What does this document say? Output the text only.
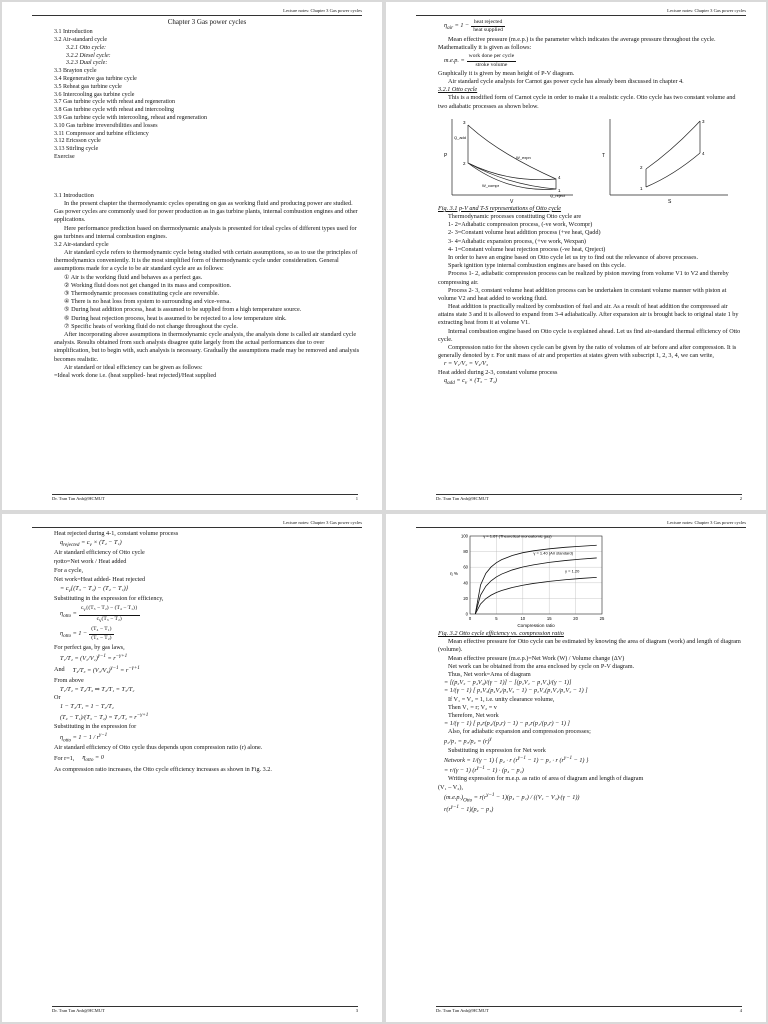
Lecture notes: Chapter 3 Gas power cycles
Chapter 3 Gas power cycles
3.1 Introduction
3.2 Air-standard cycle
3.2.1 Otto cycle:
3.2.2 Diesel cycle:
3.2.3 Dual cycle:
3.3 Brayton cycle
3.4 Regenerative gas turbine cycle
3.5 Reheat gas turbine cycle
3.6 Intercooling gas turbine cycle
3.7 Gas turbine cycle with reheat and regeneration
3.8 Gas turbine cycle with reheat and intercooling
3.9 Gas turbine cycle with intercooling, reheat and regeneration
3.10 Gas turbine irreversibilities and losses
3.11 Compressor and turbine efficiency
3.12 Ericsson cycle
3.13 Stirling cycle
Exercise
3.1 Introduction

In the present chapter the thermodynamic cycles operating on gas as working fluid and producing power are studied. Gas power cycles are commonly used for power production as in gas turbine plants, internal combustion engines and other applications.

Here performance prediction based on thermodynamic analysis is presented for ideal cycles of different types used for gas turbines and internal combustion engines.

3.2 Air-standard cycle

Air standard cycle refers to thermodynamic cycle being studied with certain assumptions, so as to use the principles of thermodynamics conveniently. It is the most simplified form of thermodynamic cycle under consideration. General assumptions made for a cycle to be air standard cycle are as follows:

① Air is the working fluid and behaves as a perfect gas.
② Working fluid does not get changed in its mass and composition.
③ Thermodynamic processes constituting cycle are reversible.
④ There is no heat loss from system to surrounding and vice-versa.
⑤ During heat addition process, heat is assumed to be supplied from a high temperature source.
⑥ During heat rejection process, heat is assumed to be rejected to a low temperature sink.
⑦ Specific heats of working fluid do not change throughout the cycle.

After incorporating above assumptions in thermodynamic cycle analysis, the analysis done is called air standard cycle analysis. Results obtained from such analysis disagree quite largely from the actual performances due to over simplification, but to begin with, such analysis is necessary. Gradually the assumptions made may be removed and analysis becomes realistic.

Air standard or ideal efficiency can be given as follows:

=Ideal work done i.e. (heat supplied- heat rejected)/Heat supplied

Dr. Tran Tan Anh@HCMUT	1
Lecture notes: Chapter 3 Gas power cycles
$\eta_{air} = 1 - \frac{\text{heat rejected}}{\text{heat supplied}}$

Mean effective pressure (m.e.p.) is the parameter which indicates the average pressure throughout the cycle. Mathematically it is given as follows:

m.e.p. = $\frac{\text{work done per cycle}}{\text{stroke volume}}$

Graphically it is given by mean height of P-V diagram.

Air standard cycle analysis for Carnot gas power cycle has already been discussed in chapter 4.

3.2.1 Otto cycle

This is a modified form of Carnot cycle in order to make it a realistic cycle. Otto cycle has two constant volume and two adiabatic processes as shown below.

P
V
3
2
4
1
Q_add
W_expn
W_compr
Q_reject
T
S
3
2
4
1
Fig. 3.1 p-V and T-S representations of Otto cycle

Thermodynamic processes constituting Otto cycle are

1- 2=Adiabatic compression process, (-ve work, Wcompr)
2- 3=Constant volume heat addition process (+ve heat, Qadd)
3- 4=Adiabatic expansion process, (+ve work, Wexpan)
4- 1=Constant volume heat rejection process (-ve heat, Qreject)

In order to have an engine based on Otto cycle let us try to find out the relevance of above processes.

Spark ignition type internal combustion engines are based on this cycle.

Process 1- 2, adiabatic compression process can be realized by piston moving from volume V1 to V2 and thereby compressing air.

Process 2- 3, constant volume heat addition process can be undertaken in constant volume manner with piston at volume V2 and heat added to working fluid.

Heat addition is practically realized by combustion of fuel and air. As a result of heat addition the compressed air attains state 3 and it is allowed to expand from 3-4 adiabatically. After expansion air is brought back to original state 1 by extracting heat from it at volume V1.

Internal combustion engine based on Otto cycle is explained ahead. Let us find air-standard thermal efficiency of Otto cycle.

Compression ratio for the shown cycle can be given by the ratio of volumes of air before and after compression. It is generally denoted by r. For unit mass of air and properties at states given with subscript 1, 2, 3, 4, we can write,

r = V₁/V₂ = V₄/V₃
Heat added during 2-3, constant volume process
$q_{add} = c_v \times (T_3 - T_2)$
Dr. Tran Tan Anh@HCMUT	2
Lecture notes: Chapter 3 Gas power cycles
Heat rejected during 4-1, constant volume process
$q_{rejected} = c_v \times (T_4 - T_1)$
Air standard efficiency of Otto cycle
ηotto=Net work / Heat added
For a cycle,
Net work=Heat added- Heat rejected
= $c_v\{(T_3 - T_2) - (T_4 - T_1)\}$
Substituting in the expression for efficiency,
$\eta_{otto} = \frac{c_v\{(T_3 - T_2) - (T_4 - T_1)\}}{c_v(T_3 - T_2)}$
$\eta_{otto} = 1 - \frac{\text{(T₄ − T₁)}}{\text{(T₃ − T₂)}}$
For perfect gas, by gas laws,
$T_1/T_2 = (V_2/V_1)^{\gamma-1} = r^{-\gamma+1}$
And	$T_4/T_3 = (V_3/V_4)^{\gamma-1} = r^{-\gamma+1}$
From above
T₁/T₂ = T₄/T₃ ⇒ T₄/T₁ = T₃/T₂
Or
1 − T₄/T₁ = 1 − T₃/T₂
$(T_4 - T_1)/(T_3 - T_2) = T_1/T_2 = r^{-\gamma+1}$
Substituting in the expression for
$\eta_{otto} = 1 - 1 / r^{\gamma-1}$
Air standard efficiency of Otto cycle thus depends upon compression ratio (r) alone.
For r=1,	$\eta_{otto} = 0$
As compression ratio increases, the Otto cycle efficiency increases as shown in Fig. 3.2.
Dr. Tran Tan Anh@HCMUT	3
Lecture notes: Chapter 3 Gas power cycles
0	5	10	15	20	25
0
20
40
60
80
100
Compression ratio
η %
γ = 1.67 (Theoretical monoatomic gas)
γ = 1.40 (Air standard)
γ = 1.20
Fig. 3.2 Otto cycle efficiency vs. compression ratio

Mean effective pressure for Otto cycle can be estimated by knowing the area of diagram (work) and length of diagram (volume).

Mean effective pressure (m.e.p.)=Net Work (W) / Volume change (ΔV)

Net work can be obtained from the area enclosed by cycle on P-V diagram.

Thus, Net work=Area of diagram

= [(p₃V₃ − p₄V₄)/(γ − 1)] − [(p₂V₂ − p₁V₁)/(γ − 1)]
= 1/(γ − 1) [ p₃V₃(p₄V₄/p₃V₃ − 1) − p₂V₂(p₁V₁/p₂V₂ − 1) ]

If V₁ = V₂ = 1, i.e. unity clearance volume,

Then V₁ = r; V₂ = v

Therefore, Net work

= 1/(γ − 1) [ p₃r(p₄/(p₃r) − 1) − p₂r(p₁/(p₂r) − 1) ]

Also, for adiabatic expansion and compression processes;

$p_2/p_1 = p_3/p_4 = (r)^\gamma$

Substituting in expression for Net work

Network = 1/(γ − 1) { p₄ · r $(r^{\gamma-1} - 1) - p_1 \cdot r$ $(r^{\gamma-1} - 1)$ }
= r/(γ − 1) $(r^{\gamma-1} - 1) \cdot (p_4 - p_1)$

Writing expression for m.e.p. as ratio of area of diagram and length of diagram

(V₁ – V₂),
$(m.e.p.)_{Otto} = r(r^{\gamma-1} - 1)(p_4 - p_1) / ((V_1 - V_2)\cdot(\gamma - 1))$
$r(r^{\gamma-1} - 1)(p_4 - p_1)$
Dr. Tran Tan Anh@HCMUT	4
